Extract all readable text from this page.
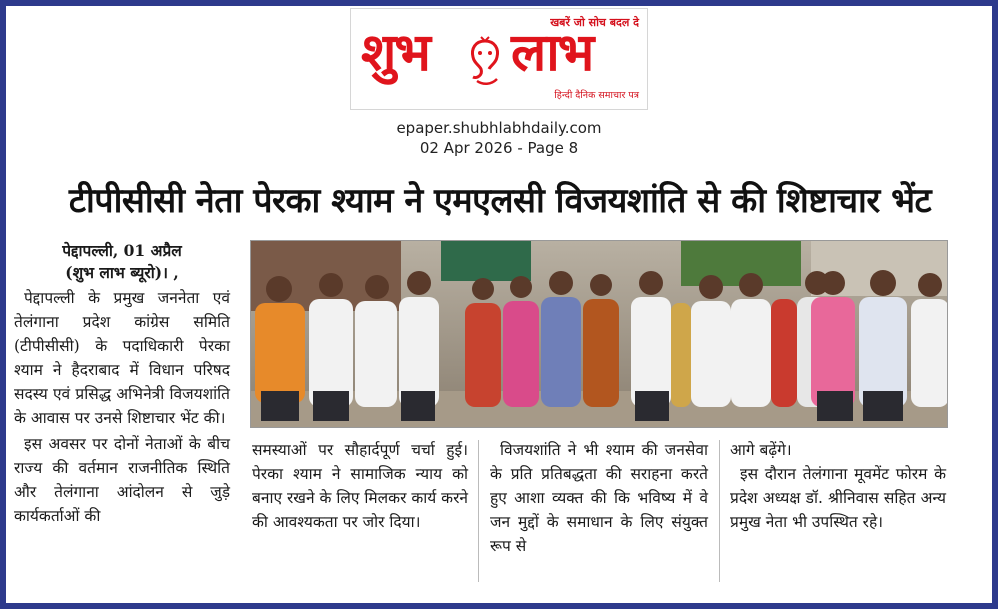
खबरें जो सोच बदल दे
शुभ लाभ
हिन्दी दैनिक समाचार पत्र
epaper.shubhlabhdaily.com
02 Apr 2026 - Page 8
टीपीसीसी नेता पेरका श्याम ने एमएलसी विजयशांति से की शिष्टाचार भेंट
पेद्दापल्ली, 01 अप्रैल
(शुभ लाभ ब्यूरो)। ,

पेद्दापल्ली के प्रमुख जननेता एवं तेलंगाना प्रदेश कांग्रेस समिति (टीपीसीसी) के पदाधिकारी पेरका श्याम ने हैदराबाद में विधान परिषद सदस्य एवं प्रसिद्ध अभिनेत्री विजयशांति के आवास पर उनसे शिष्टाचार भेंट की।

इस अवसर पर दोनों नेताओं के बीच राज्य की वर्तमान राजनीतिक स्थिति और तेलंगाना आंदोलन से जुड़े कार्यकर्ताओं की

समस्याओं पर सौहार्दपूर्ण चर्चा हुई। पेरका श्याम ने सामाजिक न्याय को बनाए रखने के लिए मिलकर कार्य करने की आवश्यकता पर जोर दिया।

विजयशांति ने भी श्याम की जनसेवा के प्रति प्रतिबद्धता की सराहना करते हुए आशा व्यक्त की कि भविष्य में वे जन मुद्दों के समाधान के लिए संयुक्त रूप से

आगे बढ़ेंगे।

इस दौरान तेलंगाना मूवमेंट फोरम के प्रदेश अध्यक्ष डॉ. श्रीनिवास सहित अन्य प्रमुख नेता भी उपस्थित रहे।
